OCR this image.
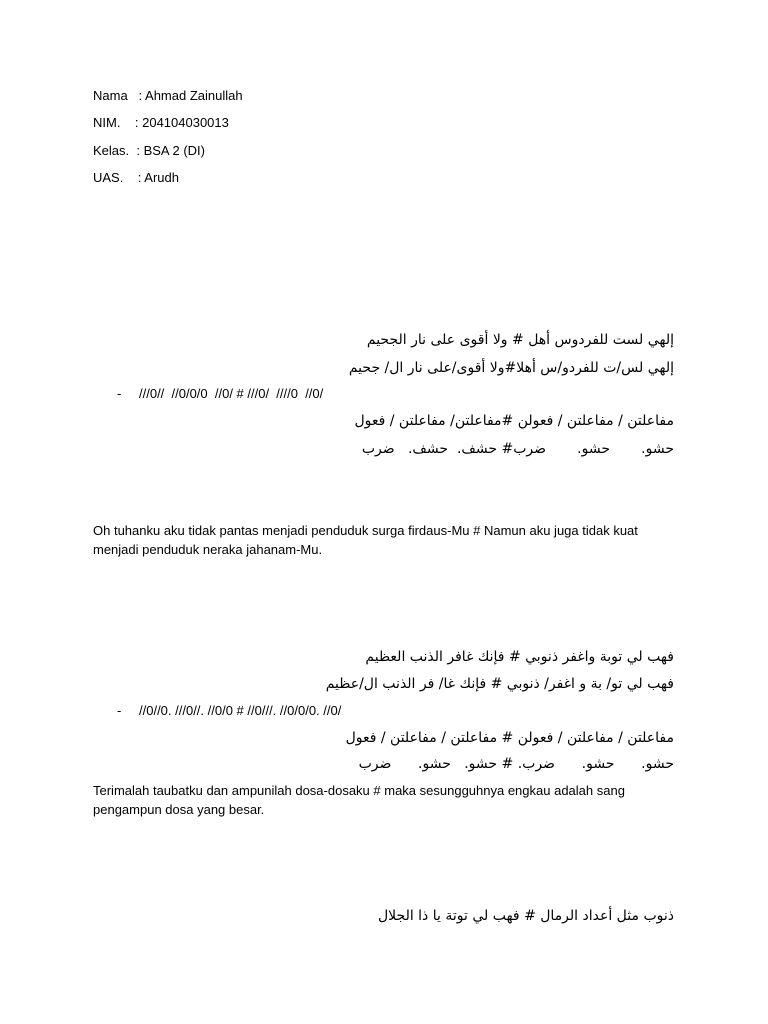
Nama   : Ahmad Zainullah

NIM.    : 204104030013

Kelas.  : BSA 2 (DI)

UAS.    : Arudh

إلهي لست للفردوس أهل # ولا أقوى على نار الجحيم

إلهي لس/ت للفردو/س أهلا#ولا أقوى/على نار ال/ جحيم

- ///0//  //0/0/0  //0/ # ///0/  ////0  //0/

مفاعلتن / مفاعلتن / فعولن #مفاعلتن/ مفاعلتن / فعول

حشو.       حشو.       ضرب# حشف.  حشف.   ضرب

Oh tuhanku aku tidak pantas menjadi penduduk surga firdaus-Mu # Namun aku juga tidak kuat menjadi penduduk neraka jahanam-Mu.

فهب لي توبة واغفر ذنوبي # فإنك غافر الذنب العظيم

فهب لي تو/ بة و اغفر/ ذنوبي # فإنك غا/ فر الذنب ال/عظيم

- //0//0. ///0//. //0/0 # //0///. //0/0/0. //0/

مفاعلتن / مفاعلتن / فعولن # مفاعلتن / مفاعلتن / فعول

حشو.      حشو.      ضرب. # حشو.   حشو.      ضرب

Terimalah taubatku dan ampunilah dosa-dosaku # maka sesungguhnya engkau adalah sang pengampun dosa yang besar.

ذنوب مثل أعداد الرمال # فهب لي توتة يا ذا الجلال
